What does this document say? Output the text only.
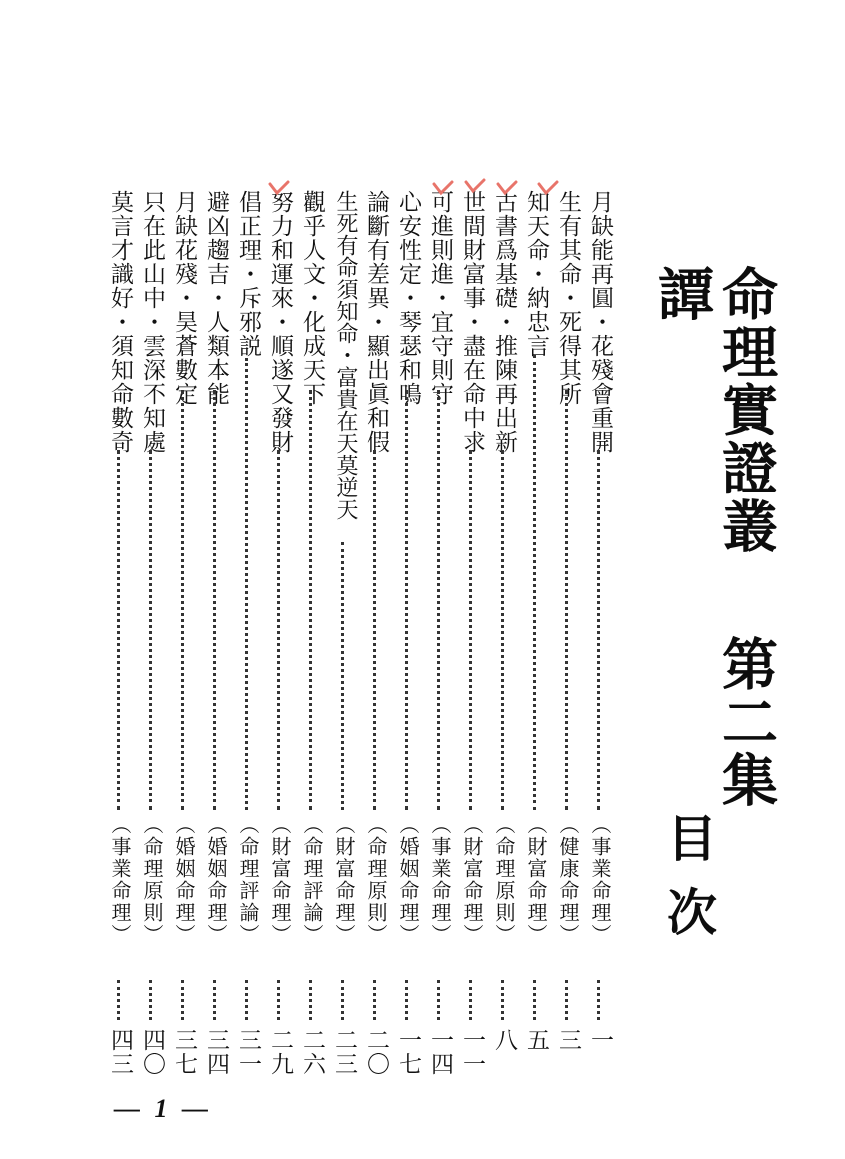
命理實證叢譚
第二集
目次
月缺能再圓・花殘會重開
（事業命理）
一
生有其命・死得其所
（健康命理）
三
知天命・納忠言
（財富命理）
五
古書爲基礎・推陳再出新
（命理原則）
八
世間財富事・盡在命中求
（財富命理）
一一
可進則進・宜守則守
（事業命理）
一四
心安性定・琴瑟和鳴
（婚姻命理）
一七
論斷有差異・顯出眞和假
（命理原則）
二〇
生死有命須知命・富貴在天莫逆天
（財富命理）
二三
觀乎人文・化成天下
（命理評論）
二六
努力和運來・順遂又發財
（財富命理）
二九
倡正理・斥邪説
（命理評論）
三一
避凶趨吉・人類本能
（婚姻命理）
三四
月缺花殘・昊蒼數定
（婚姻命理）
三七
只在此山中・雲深不知處
（命理原則）
四〇
莫言才識好・須知命數奇
（事業命理）
四三
— 1 —
